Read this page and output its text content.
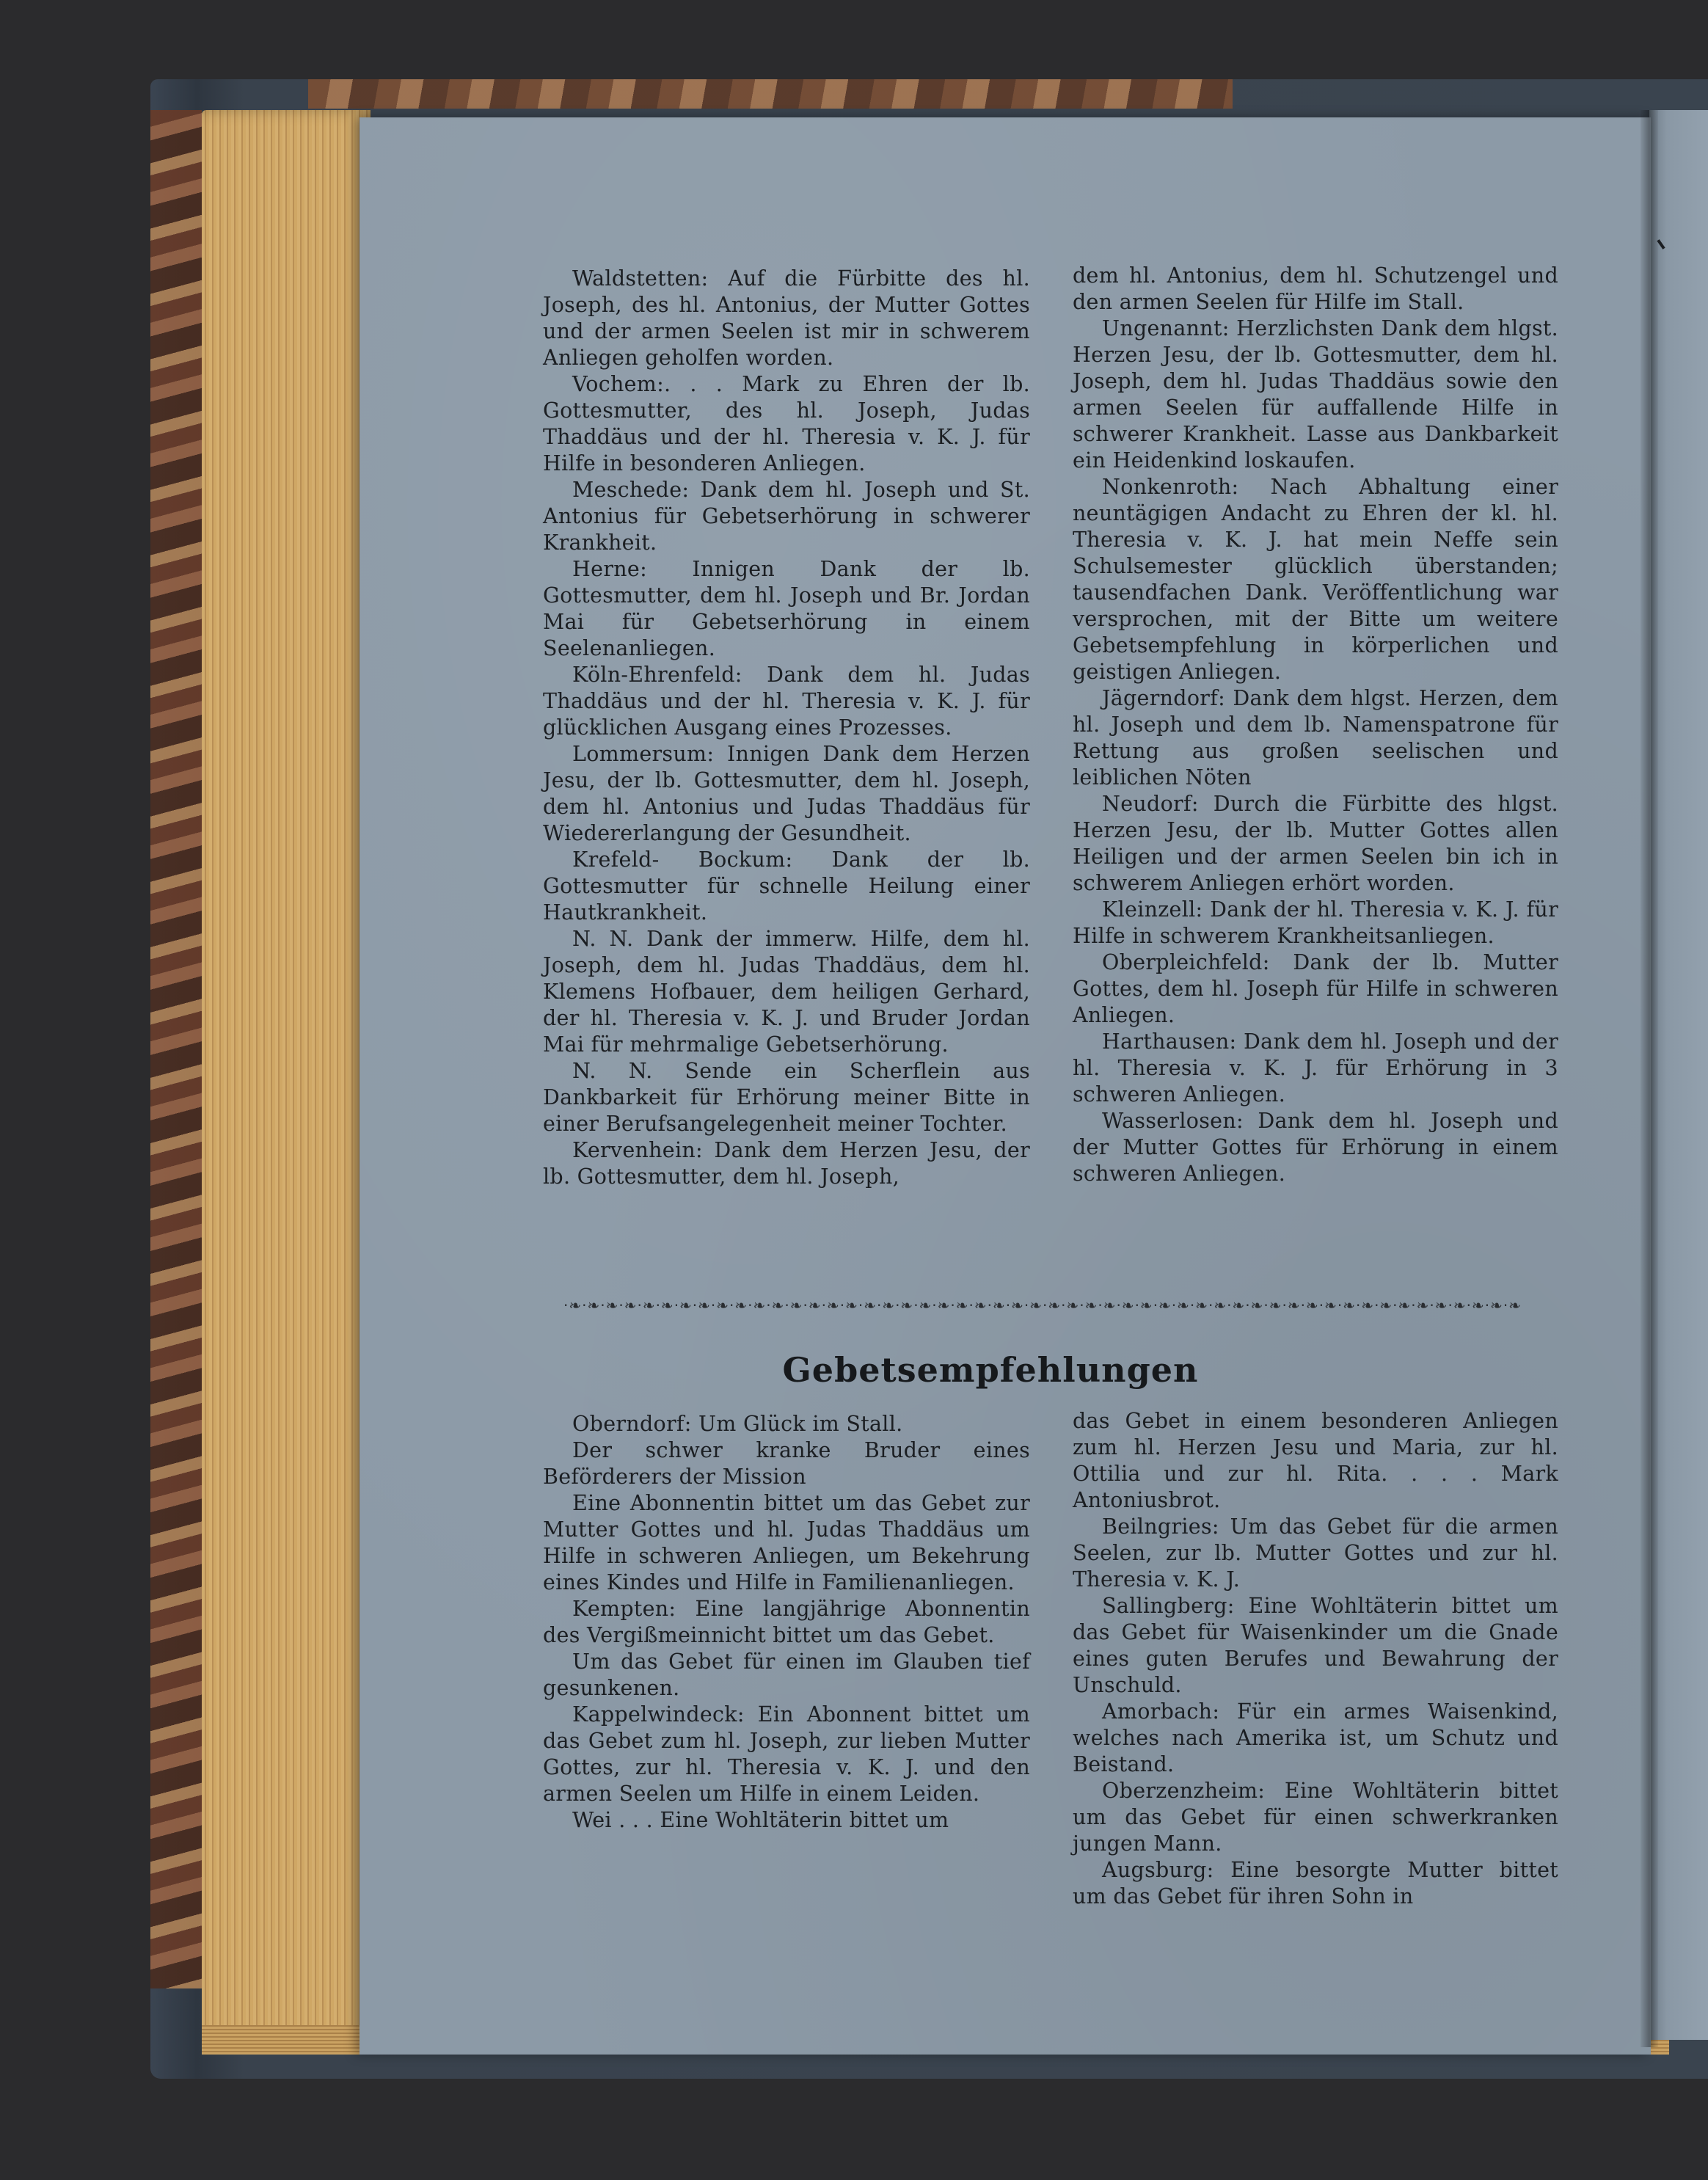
Waldstetten: Auf die Fürbitte des hl. Joseph, des hl. Antonius, der Mutter Gottes und der armen Seelen ist mir in schwerem Anliegen geholfen worden.

Vochem:. . . Mark zu Ehren der lb. Gottesmutter, des hl. Joseph, Judas Thaddäus und der hl. Theresia v. K. J. für Hilfe in besonderen Anliegen.

Meschede: Dank dem hl. Joseph und St. Antonius für Gebetserhörung in schwerer Krankheit.

Herne: Innigen Dank der lb. Gottesmutter, dem hl. Joseph und Br. Jordan Mai für Gebetserhörung in einem Seelenanliegen.

Köln-Ehrenfeld: Dank dem hl. Judas Thaddäus und der hl. Theresia v. K. J. für glücklichen Ausgang eines Prozesses.

Lommersum: Innigen Dank dem Herzen Jesu, der lb. Gottesmutter, dem hl. Joseph, dem hl. Antonius und Judas Thaddäus für Wiedererlangung der Gesundheit.

Krefeld- Bockum: Dank der lb. Gottesmutter für schnelle Heilung einer Hautkrankheit.

N. N. Dank der immerw. Hilfe, dem hl. Joseph, dem hl. Judas Thaddäus, dem hl. Klemens Hofbauer, dem heiligen Gerhard, der hl. Theresia v. K. J. und Bruder Jordan Mai für mehrmalige Gebetserhörung.

N. N. Sende ein Scherflein aus Dankbarkeit für Erhörung meiner Bitte in einer Berufsangelegenheit meiner Tochter.

Kervenhein: Dank dem Herzen Jesu, der lb. Gottesmutter, dem hl. Joseph,

dem hl. Antonius, dem hl. Schutzengel und den armen Seelen für Hilfe im Stall.

Ungenannt: Herzlichsten Dank dem hlgst. Herzen Jesu, der lb. Gottesmutter, dem hl. Joseph, dem hl. Judas Thaddäus sowie den armen Seelen für auffallende Hilfe in schwerer Krankheit. Lasse aus Dankbarkeit ein Heidenkind loskaufen.

Nonkenroth: Nach Abhaltung einer neuntägigen Andacht zu Ehren der kl. hl. Theresia v. K. J. hat mein Neffe sein Schulsemester glücklich überstanden; tausendfachen Dank. Veröffentlichung war versprochen, mit der Bitte um weitere Gebetsempfehlung in körperlichen und geistigen Anliegen.

Jägerndorf: Dank dem hlgst. Herzen, dem hl. Joseph und dem lb. Namenspatrone für Rettung aus großen seelischen und leiblichen Nöten

Neudorf: Durch die Fürbitte des hlgst. Herzen Jesu, der lb. Mutter Gottes allen Heiligen und der armen Seelen bin ich in schwerem Anliegen erhört worden.

Kleinzell: Dank der hl. Theresia v. K. J. für Hilfe in schwerem Krankheitsanliegen.

Oberpleichfeld: Dank der lb. Mutter Gottes, dem hl. Joseph für Hilfe in schweren Anliegen.

Harthausen: Dank dem hl. Joseph und der hl. Theresia v. K. J. für Erhörung in 3 schweren Anliegen.

Wasserlosen: Dank dem hl. Joseph und der Mutter Gottes für Erhörung in einem schweren Anliegen.

·❧·❧·❧·❧·❧·❧·❧·❧·❧·❧·❧·❧·❧·❧·❧·❧·❧·❧·❧·❧·❧·❧·❧·❧·❧·❧·❧·❧·❧·❧·❧·❧·❧·❧·❧·❧·❧·❧·❧·❧·❧·❧·❧·❧·❧·❧·❧·❧·❧·❧·❧·❧
Gebetsempfehlungen

Oberndorf: Um Glück im Stall.

Der schwer kranke Bruder eines Beförderers der Mission

Eine Abonnentin bittet um das Gebet zur Mutter Gottes und hl. Judas Thaddäus um Hilfe in schweren Anliegen, um Bekehrung eines Kindes und Hilfe in Familienanliegen.

Kempten: Eine langjährige Abonnentin des Vergißmeinnicht bittet um das Gebet.

Um das Gebet für einen im Glauben tief gesunkenen.

Kappelwindeck: Ein Abonnent bittet um das Gebet zum hl. Joseph, zur lieben Mutter Gottes, zur hl. Theresia v. K. J. und den armen Seelen um Hilfe in einem Leiden.

Wei . . . Eine Wohltäterin bittet um

das Gebet in einem besonderen Anliegen zum hl. Herzen Jesu und Maria, zur hl. Ottilia und zur hl. Rita. . . . Mark Antoniusbrot.

Beilngries: Um das Gebet für die armen Seelen, zur lb. Mutter Gottes und zur hl. Theresia v. K. J.

Sallingberg: Eine Wohltäterin bittet um das Gebet für Waisenkinder um die Gnade eines guten Berufes und Bewahrung der Unschuld.

Amorbach: Für ein armes Waisenkind, welches nach Amerika ist, um Schutz und Beistand.

Oberzenzheim: Eine Wohltäterin bittet um das Gebet für einen schwerkranken jungen Mann.

Augsburg: Eine besorgte Mutter bittet um das Gebet für ihren Sohn in
